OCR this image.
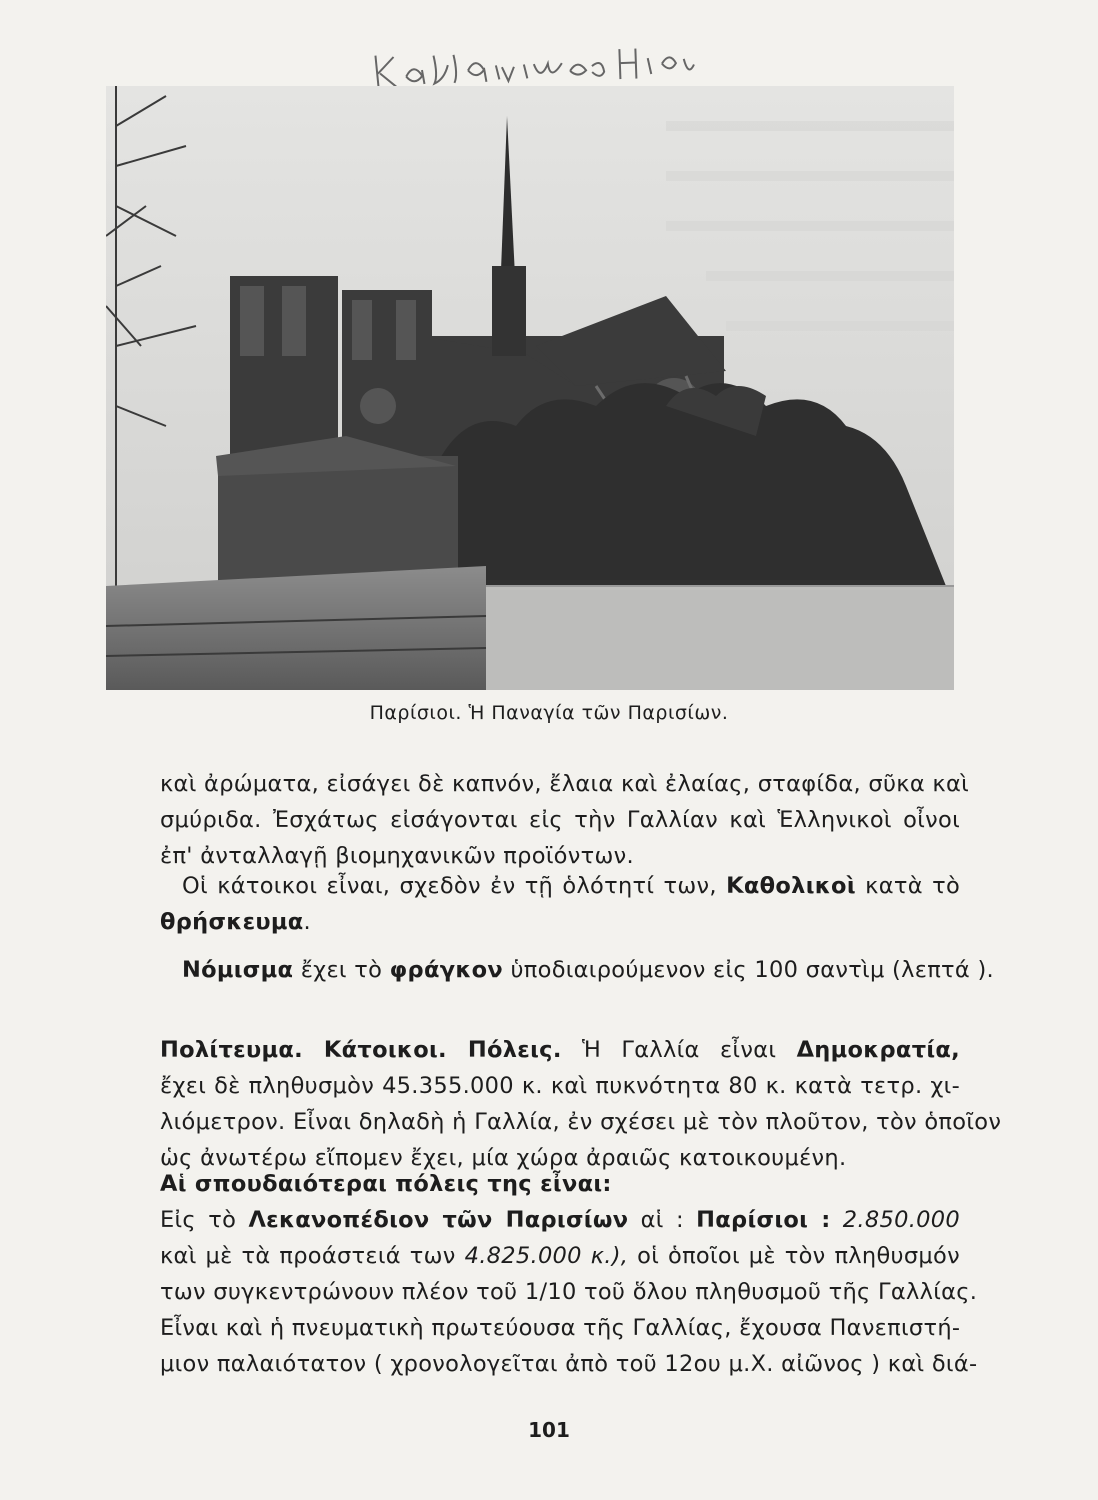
Παρίσιοι. Ἡ Παναγία τῶν Παρισίων.
καὶ ἀρώματα, εἰσάγει δὲ καπνόν, ἔλαια καὶ ἐλαίας, σταφίδα, σῦκα καὶ
σμύριδα. Ἐσχάτως εἰσάγονται εἰς τὴν Γαλλίαν καὶ Ἑλληνικοὶ οἶνοι
ἐπ' ἀνταλλαγῇ βιομηχανικῶν προϊόντων.
Οἱ κάτοικοι εἶναι, σχεδὸν ἐν τῇ ὁλότητί των, Καθολικοὶ κατὰ τὸ
θρήσκευμα.
Νόμισμα ἔχει τὸ φράγκον ὑποδιαιρούμενον εἰς 100 σαντὶμ (λεπτά ).
Πολίτευμα. Κάτοικοι. Πόλεις. Ἡ Γαλλία εἶναι Δημοκρατία,
ἔχει δὲ πληθυσμὸν 45.355.000 κ. καὶ πυκνότητα 80 κ. κατὰ τετρ. χι-
λιόμετρον. Εἶναι δηλαδὴ ἡ Γαλλία, ἐν σχέσει μὲ τὸν πλοῦτον, τὸν ὁποῖον
ὡς ἀνωτέρω εἴπομεν ἔχει, μία χώρα ἀραιῶς κατοικουμένη.
Αἱ σπουδαιότεραι πόλεις της εἶναι:
Εἰς τὸ Λεκανοπέδιον τῶν Παρισίων αἱ : Παρίσιοι : 2.850.000
καὶ μὲ τὰ προάστειά των 4.825.000 κ.), οἱ ὁποῖοι μὲ τὸν πληθυσμόν
των συγκεντρώνουν πλέον τοῦ 1/10 τοῦ ὅλου πληθυσμοῦ τῆς Γαλλίας.
Εἶναι καὶ ἡ πνευματικὴ πρωτεύουσα τῆς Γαλλίας, ἔχουσα Πανεπιστή-
μιον παλαιότατον ( χρονολογεῖται ἀπὸ τοῦ 12ου μ.Χ. αἰῶνος ) καὶ διά-
101
